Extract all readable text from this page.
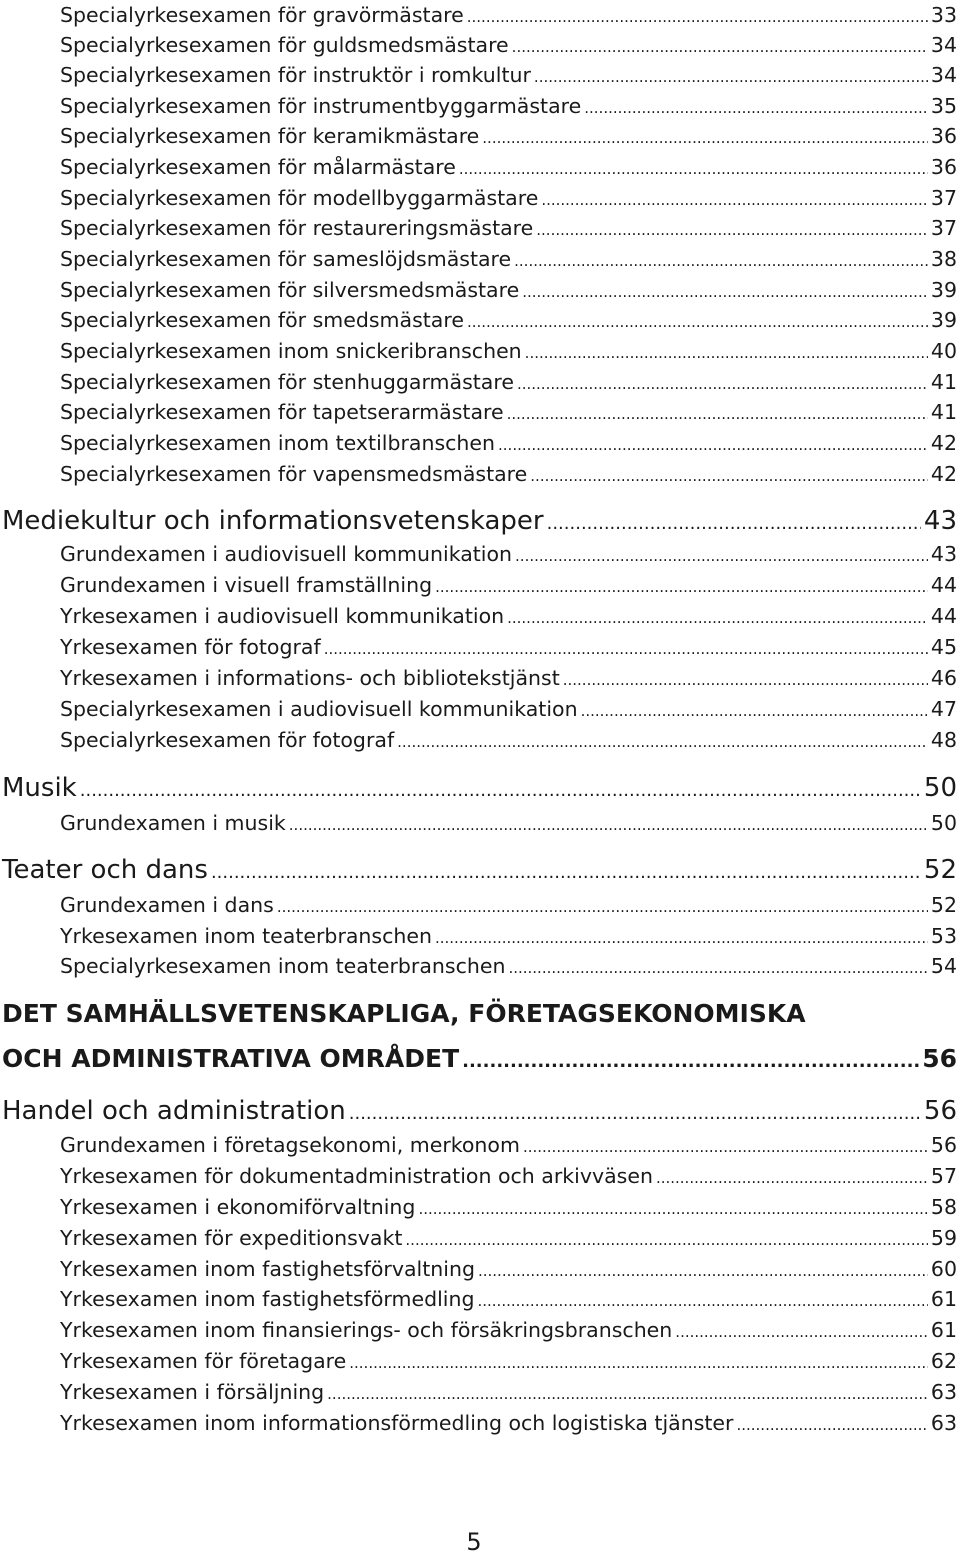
Specialyrkesexamen för gravörmästare .....	33
Specialyrkesexamen för guldsmedsmästare .....	34
Specialyrkesexamen för instruktör i romkultur .....	34
Specialyrkesexamen för instrumentbyggarmästare .....	35
Specialyrkesexamen för keramikmästare .....	36
Specialyrkesexamen för målarmästare .....	36
Specialyrkesexamen för modellbyggarmästare .....	37
Specialyrkesexamen för restaureringsmästare .....	37
Specialyrkesexamen för sameslöjdsmästare .....	38
Specialyrkesexamen för silversmedsmästare .....	39
Specialyrkesexamen för smedsmästare .....	39
Specialyrkesexamen inom snickeribranschen .....	40
Specialyrkesexamen för stenhuggarmästare .....	41
Specialyrkesexamen för tapetserarmästare .....	41
Specialyrkesexamen inom textilbranschen .....	42
Specialyrkesexamen för vapensmedsmästare .....	42
Mediekultur och informationsvetenskaper .....	43
Grundexamen i audiovisuell kommunikation .....	43
Grundexamen i visuell framställning .....	44
Yrkesexamen i audiovisuell kommunikation .....	44
Yrkesexamen för fotograf .....	45
Yrkesexamen i informations- och bibliotekstjänst .....	46
Specialyrkesexamen i audiovisuell kommunikation .....	47
Specialyrkesexamen för fotograf .....	48
Musik .....	50
Grundexamen i musik .....	50
Teater och dans .....	52
Grundexamen i dans .....	52
Yrkesexamen inom teaterbranschen .....	53
Specialyrkesexamen inom teaterbranschen .....	54
DET SAMHÄLLSVETENSKAPLIGA, FÖRETAGSEKONOMISKA
OCH ADMINISTRATIVA OMRÅDET .....	56
Handel och administration .....	56
Grundexamen i företagsekonomi, merkonom .....	56
Yrkesexamen för dokumentadministration och arkivväsen .....	57
Yrkesexamen i ekonomiförvaltning .....	58
Yrkesexamen för expeditionsvakt .....	59
Yrkesexamen inom fastighetsförvaltning .....	60
Yrkesexamen inom fastighetsförmedling .....	61
Yrkesexamen inom finansierings- och försäkringsbranschen .....	61
Yrkesexamen för företagare .....	62
Yrkesexamen i försäljning .....	63
Yrkesexamen inom informationsförmedling och logistiska tjänster .....	63
5
